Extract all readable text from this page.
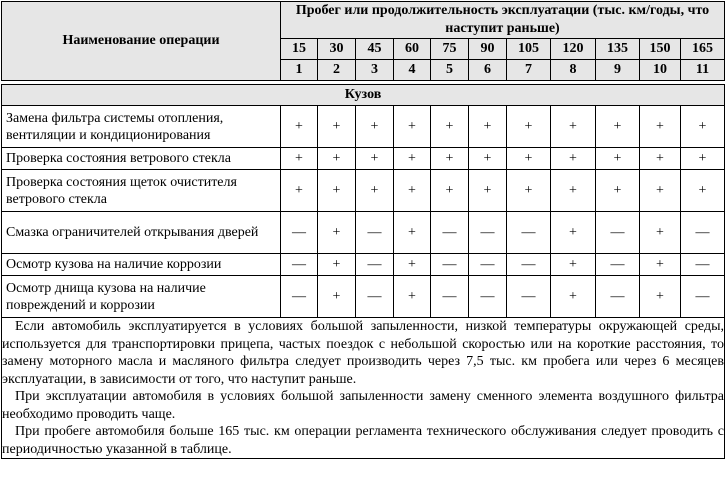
Наименование операции	Пробег или продолжительность эксплуатации (тыс. км/годы, что наступит раньше)										
	15	30	45	60	75	90	105	120	135	150	165
	1	2	3	4	5	6	7	8	9	10	11

Кузов											
Замена фильтра системы отопления, вентиляции и кондиционирования	+	+	+	+	+	+	+	+	+	+	+
Проверка состояния ветрового стекла	+	+	+	+	+	+	+	+	+	+	+
Проверка состояния щеток очистителя ветрового стекла	+	+	+	+	+	+	+	+	+	+	+
Смазка ограничителей открывания дверей	—	+	—	+	—	—	—	+	—	+	—
Осмотр кузова на наличие коррозии	—	+	—	+	—	—	—	+	—	+	—
Осмотр днища кузова на наличие повреждений и коррозии	—	+	—	+	—	—	—	+	—	+	—

Если автомобиль эксплуатируется в условиях большой запыленности, низкой температуры окружающей среды, используется для транспортировки прицепа, частых поездок с небольшой скоростью или на короткие расстояния, то замену моторного масла и масляного фильтра следует производить через 7,5 тыс. км пробега или через 6 месяцев эксплуатации, в зависимости от того, что наступит раньше.

При эксплуатации автомобиля в условиях большой запыленности замену сменного элемента воздушного фильтра необходимо проводить чаще.

При пробеге автомобиля больше 165 тыс. км операции регламента технического обслуживания следует проводить с периодичностью указанной в таблице.											
